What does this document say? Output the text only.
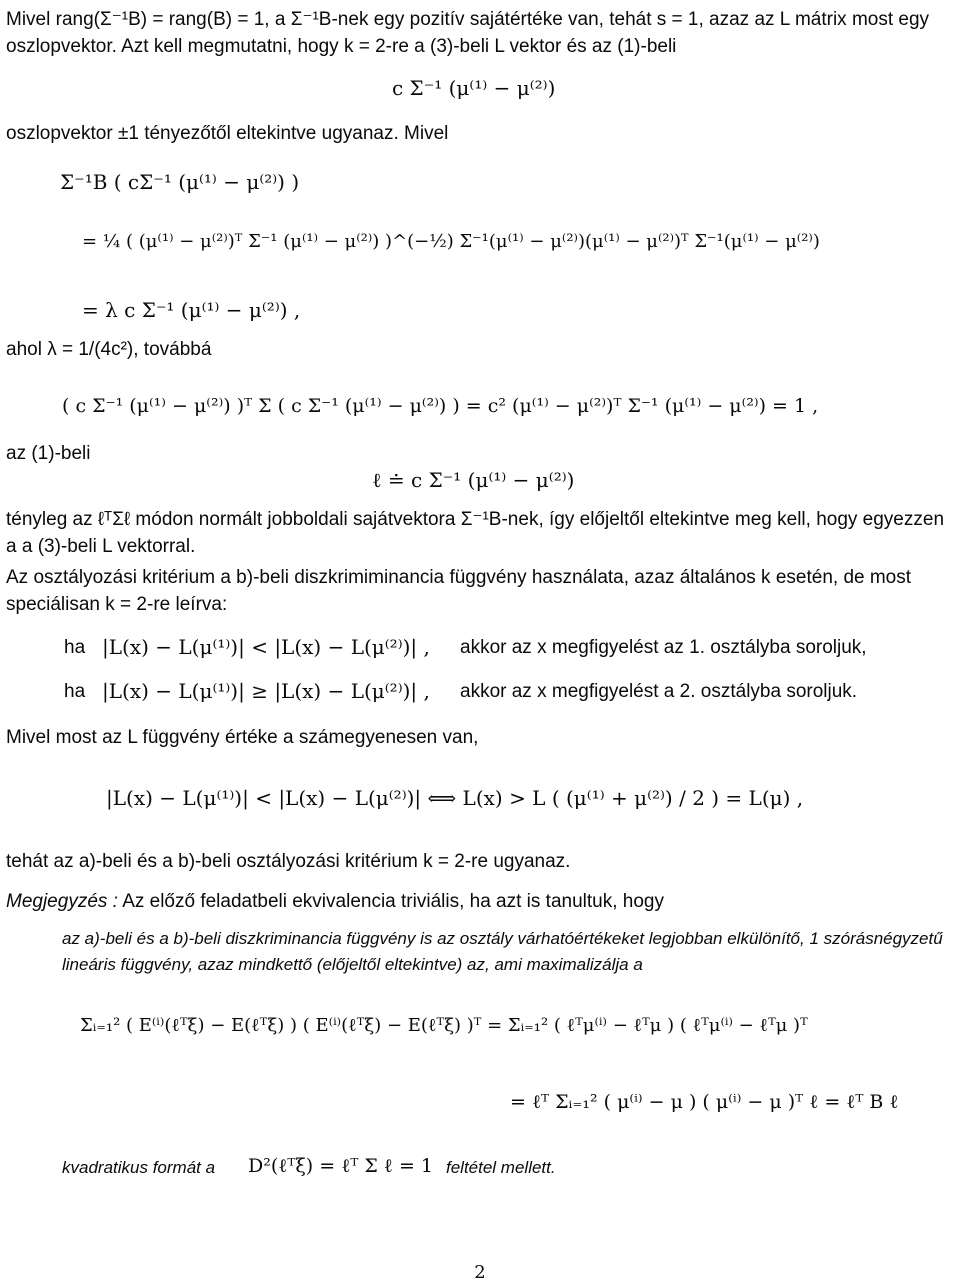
Mivel rang(Σ⁻¹B) = rang(B) = 1, a Σ⁻¹B-nek egy pozitív sajátértéke van, tehát s = 1, azaz az L mátrix most egy oszlopvektor. Azt kell megmutatni, hogy k = 2-re a (3)-beli L vektor és az (1)-beli

c Σ⁻¹ (μ⁽¹⁾ − μ⁽²⁾)

oszlopvektor ±1 tényezőtől eltekintve ugyanaz. Mivel

Σ⁻¹B ( cΣ⁻¹ (μ⁽¹⁾ − μ⁽²⁾) )
= ¼ ( (μ⁽¹⁾ − μ⁽²⁾)ᵀ Σ⁻¹ (μ⁽¹⁾ − μ⁽²⁾) )^(−½) Σ⁻¹(μ⁽¹⁾ − μ⁽²⁾)(μ⁽¹⁾ − μ⁽²⁾)ᵀ Σ⁻¹(μ⁽¹⁾ − μ⁽²⁾)
= λ c Σ⁻¹ (μ⁽¹⁾ − μ⁽²⁾) ,

ahol λ = 1/(4c²), továbbá

( c Σ⁻¹ (μ⁽¹⁾ − μ⁽²⁾) )ᵀ Σ ( c Σ⁻¹ (μ⁽¹⁾ − μ⁽²⁾) ) = c² (μ⁽¹⁾ − μ⁽²⁾)ᵀ Σ⁻¹ (μ⁽¹⁾ − μ⁽²⁾) = 1 ,

az (1)-beli

ℓ ≐ c Σ⁻¹ (μ⁽¹⁾ − μ⁽²⁾)

tényleg az ℓᵀΣℓ módon normált jobboldali sajátvektora Σ⁻¹B-nek, így előjeltől eltekintve meg kell, hogy egyezzen a a (3)-beli L vektorral.

Az osztályozási kritérium a b)-beli diszkrimiminancia függvény használata, azaz általános k esetén, de most speciálisan k = 2-re leírva:

ha |L(x) − L(μ⁽¹⁾)| < |L(x) − L(μ⁽²⁾)| , akkor az x megfigyelést az 1. osztályba soroljuk,
ha |L(x) − L(μ⁽¹⁾)| ≥ |L(x) − L(μ⁽²⁾)| , akkor az x megfigyelést a 2. osztályba soroljuk.

Mivel most az L függvény értéke a számegyenesen van,

|L(x) − L(μ⁽¹⁾)| < |L(x) − L(μ⁽²⁾)| ⟺ L(x) > L ( (μ⁽¹⁾ + μ⁽²⁾) / 2 ) = L(μ) ,

tehát az a)-beli és a b)-beli osztályozási kritérium k = 2-re ugyanaz.

Megjegyzés : Az előző feladatbeli ekvivalencia triviális, ha azt is tanultuk, hogy

az a)-beli és a b)-beli diszkriminancia függvény is az osztály várhatóértékeket legjobban elkülönítő, 1 szórásnégyzetű lineáris függvény, azaz mindkettő (előjeltől eltekintve) az, ami maximalizálja a
Σᵢ₌₁² ( E⁽ⁱ⁾(ℓᵀξ) − E(ℓᵀξ) ) ( E⁽ⁱ⁾(ℓᵀξ) − E(ℓᵀξ) )ᵀ = Σᵢ₌₁² ( ℓᵀμ⁽ⁱ⁾ − ℓᵀμ ) ( ℓᵀμ⁽ⁱ⁾ − ℓᵀμ )ᵀ
= ℓᵀ Σᵢ₌₁² ( μ⁽ⁱ⁾ − μ ) ( μ⁽ⁱ⁾ − μ )ᵀ ℓ = ℓᵀ B ℓ
kvadratikus formát a D²(ℓᵀξ) = ℓᵀ Σ ℓ = 1 feltétel mellett.
2
